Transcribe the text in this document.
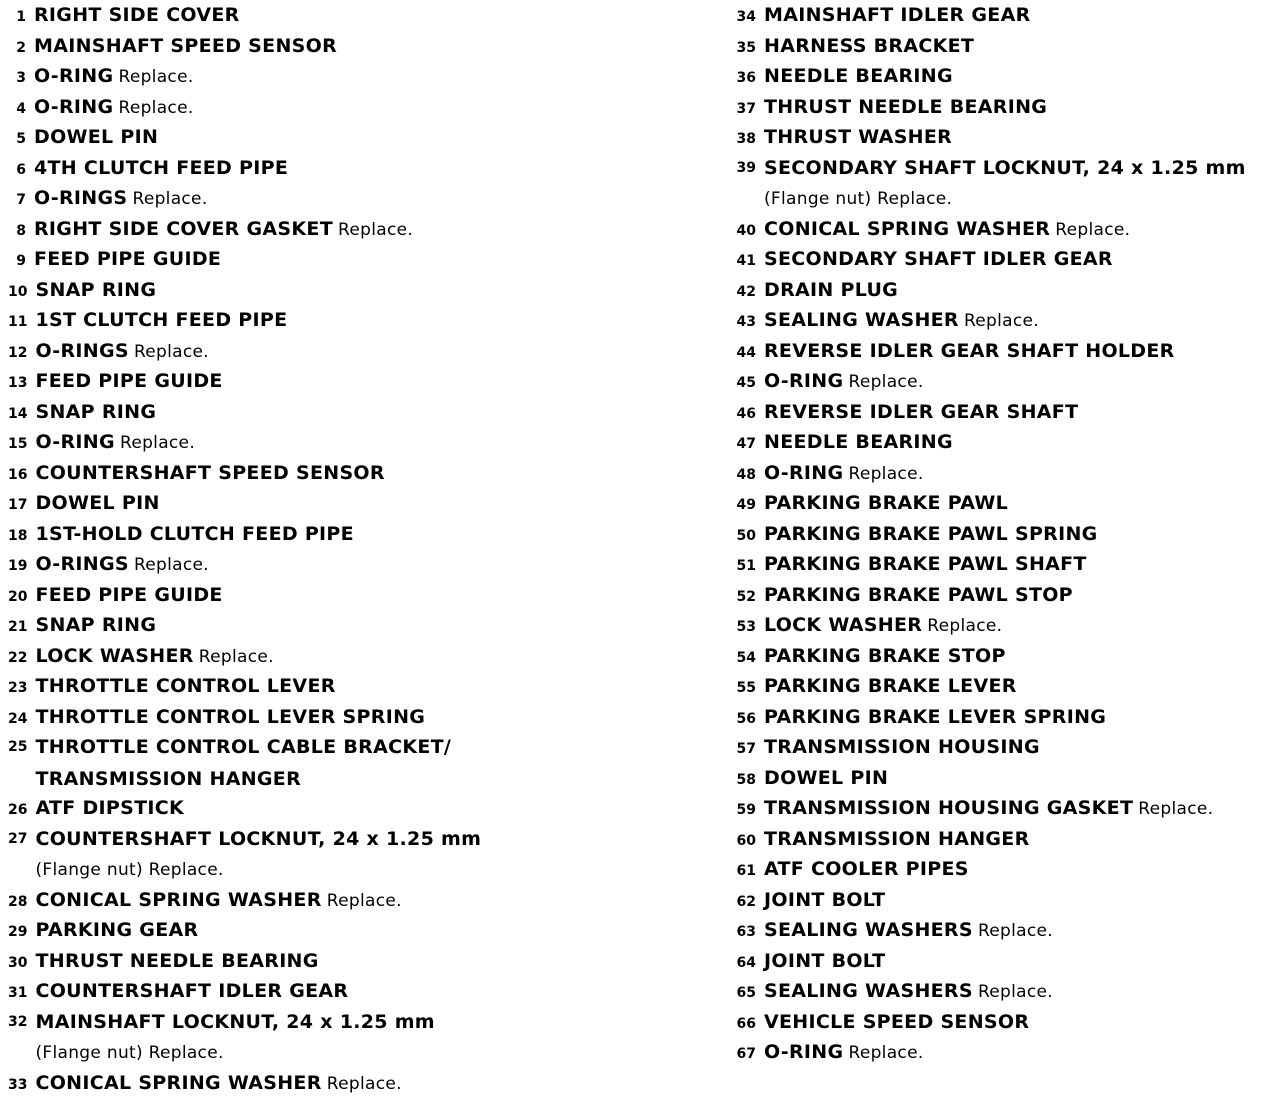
1 RIGHT SIDE COVER
2 MAINSHAFT SPEED SENSOR
3 O-RING Replace.
4 O-RING Replace.
5 DOWEL PIN
6 4TH CLUTCH FEED PIPE
7 O-RINGS Replace.
8 RIGHT SIDE COVER GASKET Replace.
9 FEED PIPE GUIDE
10 SNAP RING
11 1ST CLUTCH FEED PIPE
12 O-RINGS Replace.
13 FEED PIPE GUIDE
14 SNAP RING
15 O-RING Replace.
16 COUNTERSHAFT SPEED SENSOR
17 DOWEL PIN
18 1ST-HOLD CLUTCH FEED PIPE
19 O-RINGS Replace.
20 FEED PIPE GUIDE
21 SNAP RING
22 LOCK WASHER Replace.
23 THROTTLE CONTROL LEVER
24 THROTTLE CONTROL LEVER SPRING
25 THROTTLE CONTROL CABLE BRACKET/
TRANSMISSION HANGER
26 ATF DIPSTICK
27 COUNTERSHAFT LOCKNUT, 24 x 1.25 mm
(Flange nut) Replace.
28 CONICAL SPRING WASHER Replace.
29 PARKING GEAR
30 THRUST NEEDLE BEARING
31 COUNTERSHAFT IDLER GEAR
32 MAINSHAFT LOCKNUT, 24 x 1.25 mm
(Flange nut) Replace.
33 CONICAL SPRING WASHER Replace.
34 MAINSHAFT IDLER GEAR
35 HARNESS BRACKET
36 NEEDLE BEARING
37 THRUST NEEDLE BEARING
38 THRUST WASHER
39 SECONDARY SHAFT LOCKNUT, 24 x 1.25 mm
(Flange nut) Replace.
40 CONICAL SPRING WASHER Replace.
41 SECONDARY SHAFT IDLER GEAR
42 DRAIN PLUG
43 SEALING WASHER Replace.
44 REVERSE IDLER GEAR SHAFT HOLDER
45 O-RING Replace.
46 REVERSE IDLER GEAR SHAFT
47 NEEDLE BEARING
48 O-RING Replace.
49 PARKING BRAKE PAWL
50 PARKING BRAKE PAWL SPRING
51 PARKING BRAKE PAWL SHAFT
52 PARKING BRAKE PAWL STOP
53 LOCK WASHER Replace.
54 PARKING BRAKE STOP
55 PARKING BRAKE LEVER
56 PARKING BRAKE LEVER SPRING
57 TRANSMISSION HOUSING
58 DOWEL PIN
59 TRANSMISSION HOUSING GASKET Replace.
60 TRANSMISSION HANGER
61 ATF COOLER PIPES
62 JOINT BOLT
63 SEALING WASHERS Replace.
64 JOINT BOLT
65 SEALING WASHERS Replace.
66 VEHICLE SPEED SENSOR
67 O-RING Replace.
